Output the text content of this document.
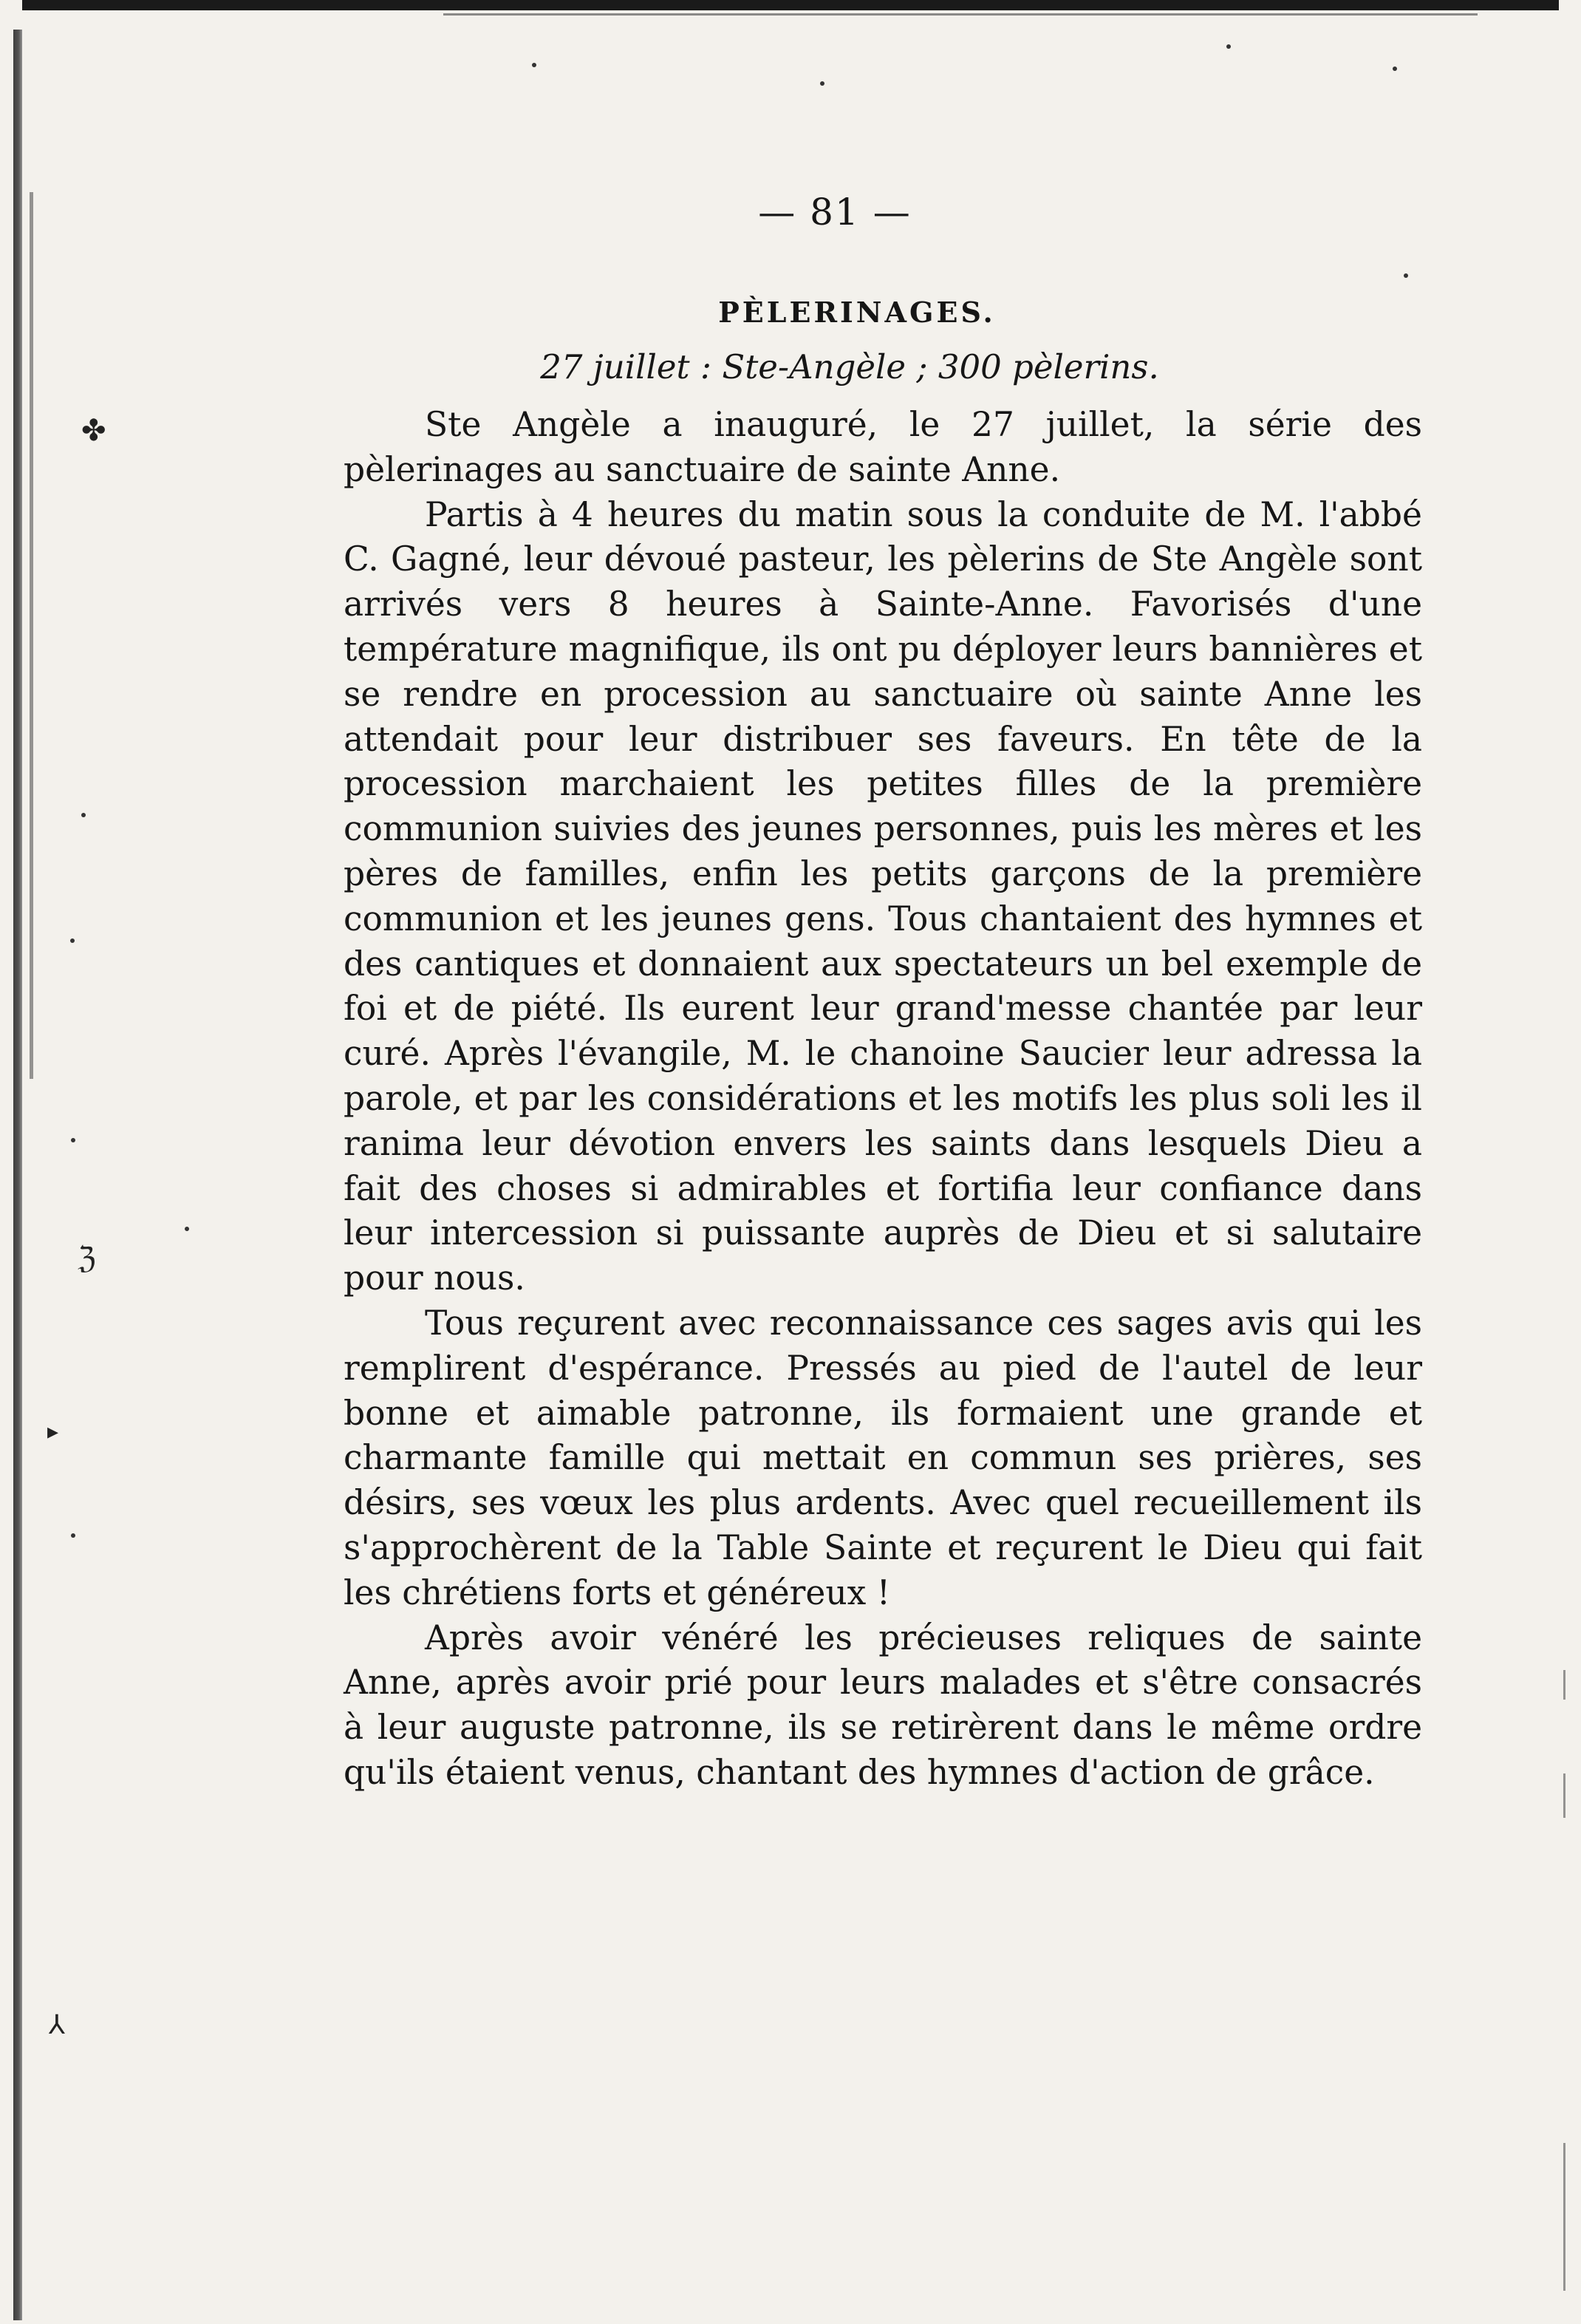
✤
ℨ
▸
⅄
— 81 —
PÈLERINAGES.
27 juillet : Ste-Angèle ; 300 pèlerins.

Ste Angèle a inauguré, le 27 juillet, la série des pèlerinages au sanctuaire de sainte Anne.

Partis à 4 heures du matin sous la conduite de M. l'abbé C. Gagné, leur dévoué pasteur, les pèlerins de Ste Angèle sont arrivés vers 8 heures à Sainte-Anne. Favorisés d'une température magnifique, ils ont pu déployer leurs bannières et se rendre en procession au sanctuaire où sainte Anne les attendait pour leur distribuer ses faveurs. En tête de la procession marchaient les petites filles de la première communion suivies des jeunes personnes, puis les mères et les pères de familles, enfin les petits garçons de la première communion et les jeunes gens. Tous chantaient des hymnes et des cantiques et donnaient aux spectateurs un bel exemple de foi et de piété. Ils eurent leur grand'messe chantée par leur curé. Après l'évangile, M. le chanoine Saucier leur adressa la parole, et par les considérations et les motifs les plus soli les il ranima leur dévotion envers les saints dans lesquels Dieu a fait des choses si admirables et fortifia leur confiance dans leur intercession si puissante auprès de Dieu et si salutaire pour nous.

Tous reçurent avec reconnaissance ces sages avis qui les remplirent d'espérance. Pressés au pied de l'autel de leur bonne et aimable patronne, ils formaient une grande et charmante famille qui mettait en commun ses prières, ses désirs, ses vœux les plus ardents. Avec quel recueillement ils s'approchèrent de la Table Sainte et reçurent le Dieu qui fait les chrétiens forts et généreux !

Après avoir vénéré les précieuses reliques de sainte Anne, après avoir prié pour leurs malades et s'être consacrés à leur auguste patronne, ils se retirèrent dans le même ordre qu'ils étaient venus, chantant des hymnes d'action de grâce.
